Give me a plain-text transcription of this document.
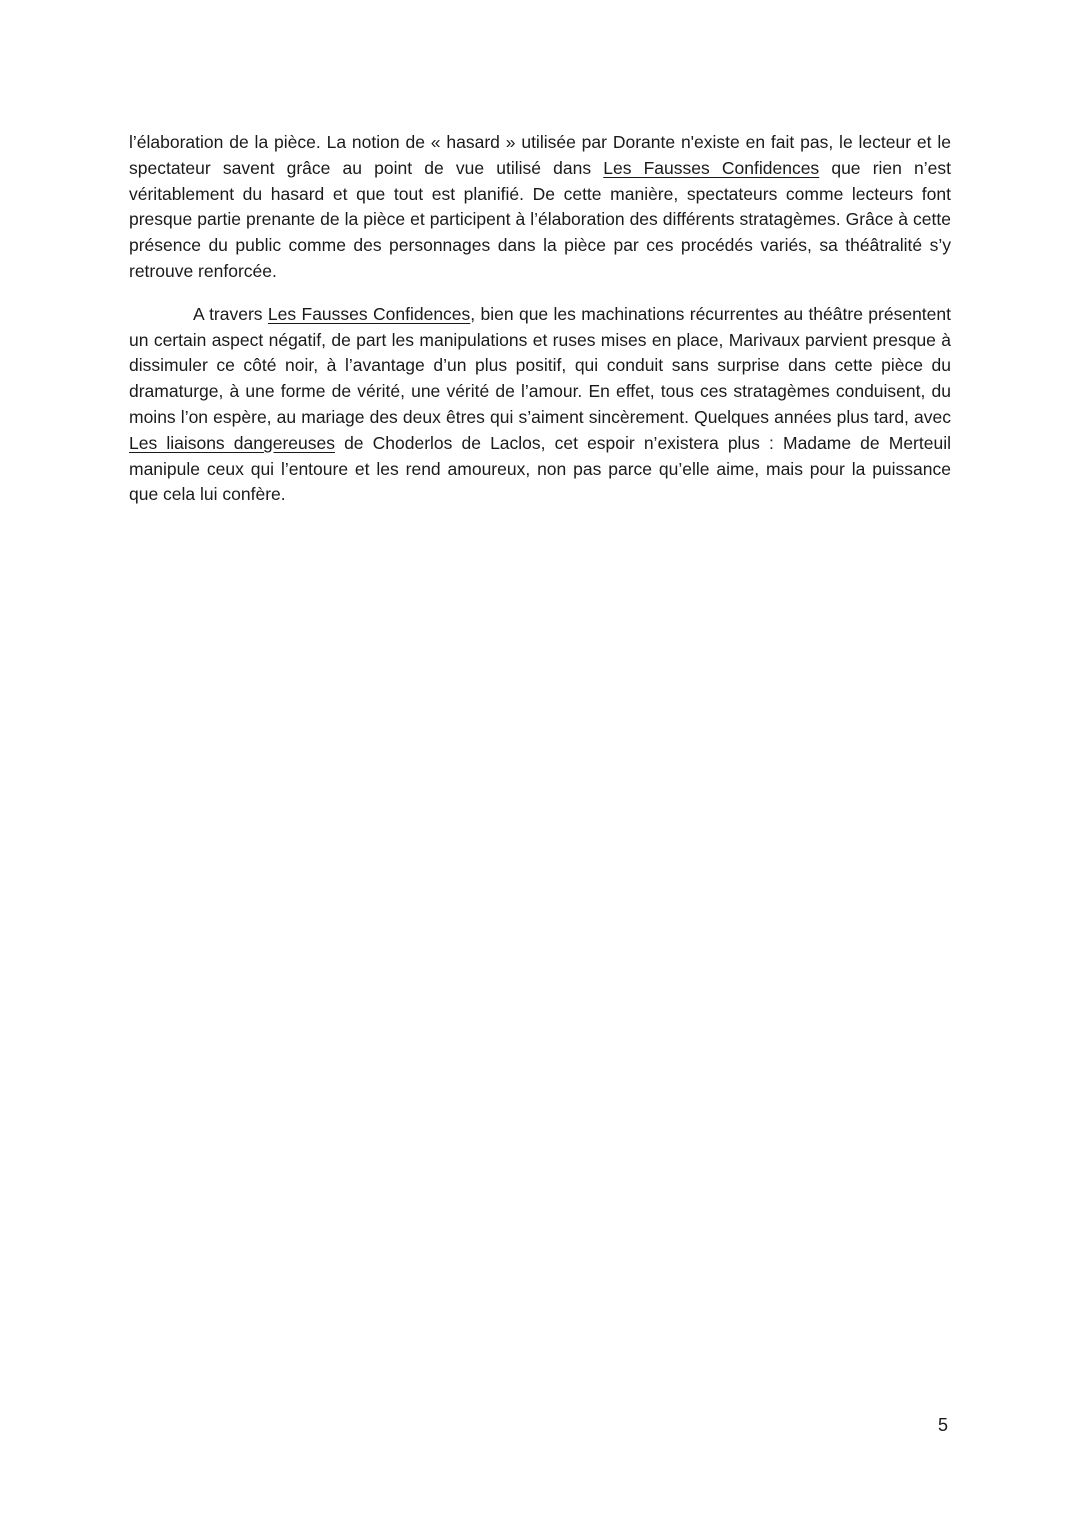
l’élaboration de la pièce. La notion de « hasard » utilisée par Dorante n'existe en fait pas, le lecteur et le spectateur savent grâce au point de vue utilisé dans Les Fausses Confidences que rien n’est véritablement du hasard et que tout est planifié. De cette manière, spectateurs comme lecteurs font presque partie prenante de la pièce et participent à l’élaboration des différents stratagèmes. Grâce à cette présence du public comme des personnages dans la pièce par ces procédés variés, sa théâtralité s’y retrouve renforcée.

A travers Les Fausses Confidences, bien que les machinations récurrentes au théâtre présentent un certain aspect négatif, de part les manipulations et ruses mises en place, Marivaux parvient presque à dissimuler ce côté noir, à l’avantage d’un plus positif, qui conduit sans surprise dans cette pièce du dramaturge, à une forme de vérité, une vérité de l’amour. En effet, tous ces stratagèmes conduisent, du moins l’on espère, au mariage des deux êtres qui s’aiment sincèrement. Quelques années plus tard, avec Les liaisons dangereuses de Choderlos de Laclos, cet espoir n’existera plus : Madame de Merteuil manipule ceux qui l’entoure et les rend amoureux, non pas parce qu’elle aime, mais pour la puissance que cela lui confère.

5
